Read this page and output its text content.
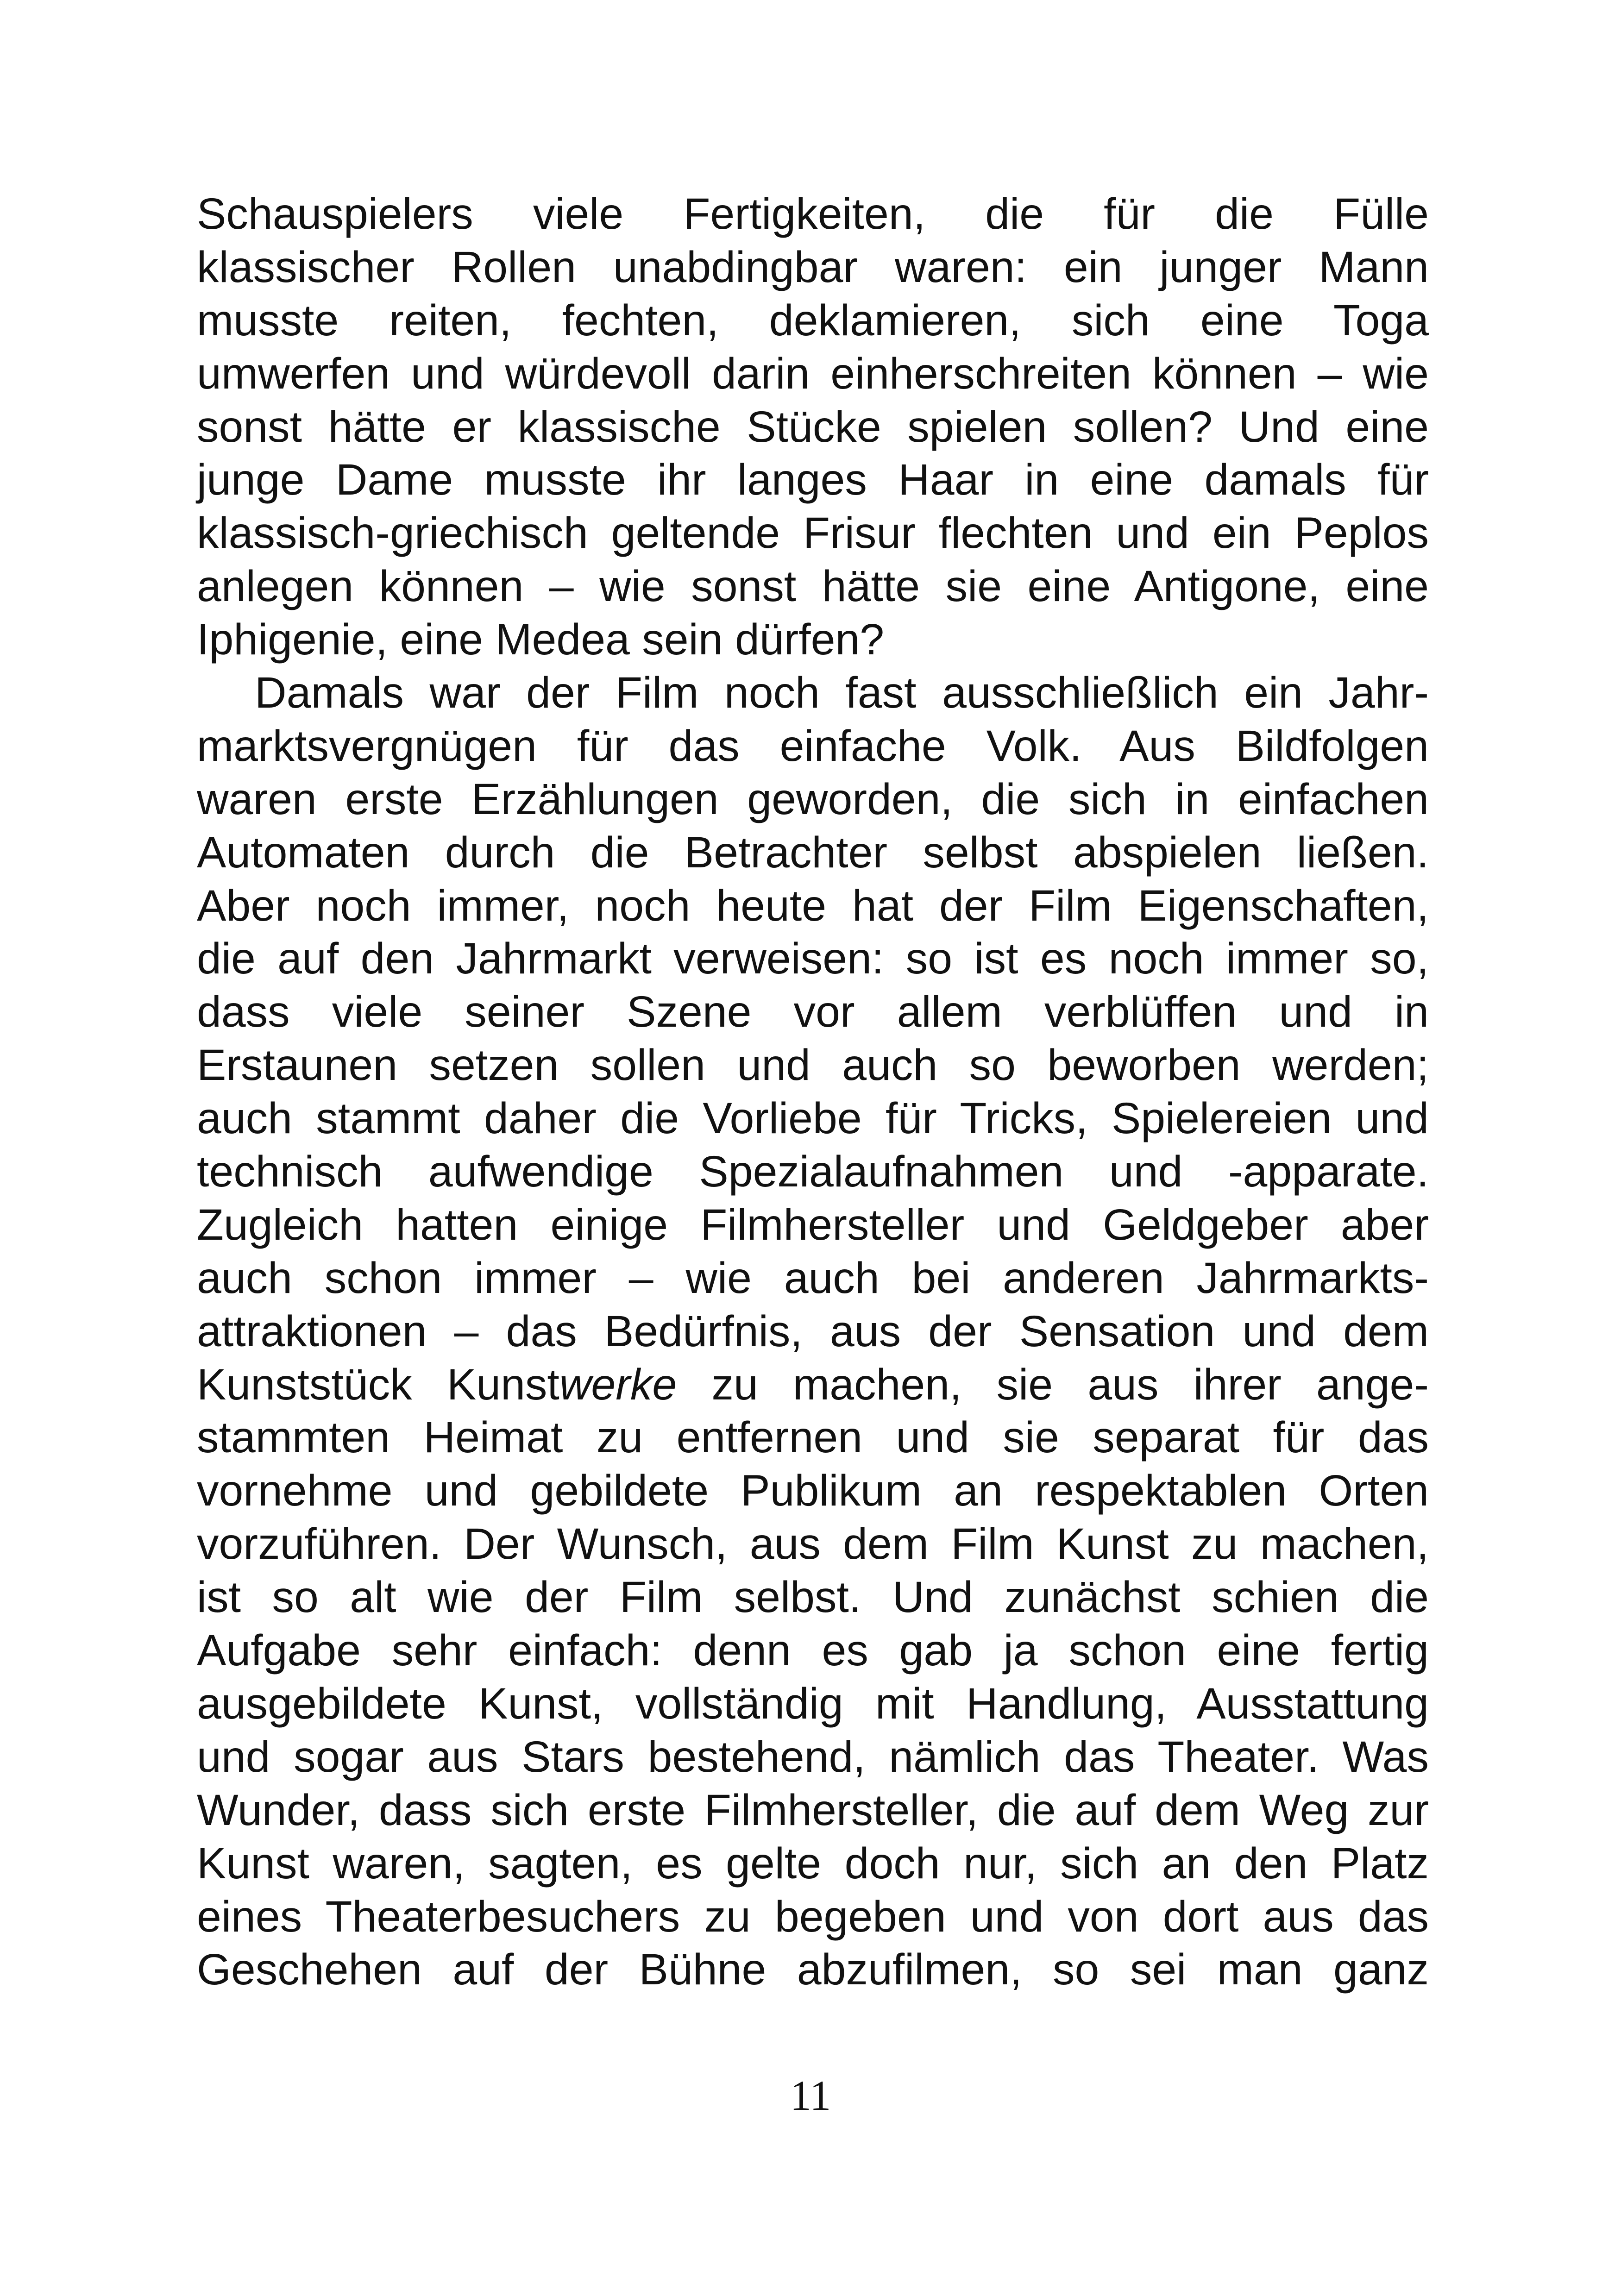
Schauspielers viele Fertigkeiten, die für die Fülle
klassischer Rollen unabdingbar waren: ein junger Mann
musste reiten, fechten, deklamieren, sich eine Toga
umwerfen und würdevoll darin einherschreiten können – wie
sonst hätte er klassische Stücke spielen sollen? Und eine
junge Dame musste ihr langes Haar in eine damals für
klassisch-griechisch geltende Frisur flechten und ein Peplos
anlegen können – wie sonst hätte sie eine Antigone, eine
Iphigenie, eine Medea sein dürfen?
Damals war der Film noch fast ausschließlich ein Jahr-
marktsvergnügen für das einfache Volk. Aus Bildfolgen
waren erste Erzählungen geworden, die sich in einfachen
Automaten durch die Betrachter selbst abspielen ließen.
Aber noch immer, noch heute hat der Film Eigenschaften,
die auf den Jahrmarkt verweisen: so ist es noch immer so,
dass viele seiner Szene vor allem verblüffen und in
Erstaunen setzen sollen und auch so beworben werden;
auch stammt daher die Vorliebe für Tricks, Spielereien und
technisch aufwendige Spezialaufnahmen und -apparate.
Zugleich hatten einige Filmhersteller und Geldgeber aber
auch schon immer – wie auch bei anderen Jahrmarkts-
attraktionen – das Bedürfnis, aus der Sensation und dem
Kunststück Kunstwerke zu machen, sie aus ihrer ange-
stammten Heimat zu entfernen und sie separat für das
vornehme und gebildete Publikum an respektablen Orten
vorzuführen. Der Wunsch, aus dem Film Kunst zu machen,
ist so alt wie der Film selbst. Und zunächst schien die
Aufgabe sehr einfach: denn es gab ja schon eine fertig
ausgebildete Kunst, vollständig mit Handlung, Ausstattung
und sogar aus Stars bestehend, nämlich das Theater. Was
Wunder, dass sich erste Filmhersteller, die auf dem Weg zur
Kunst waren, sagten, es gelte doch nur, sich an den Platz
eines Theaterbesuchers zu begeben und von dort aus das
Geschehen auf der Bühne abzufilmen, so sei man ganz
11
